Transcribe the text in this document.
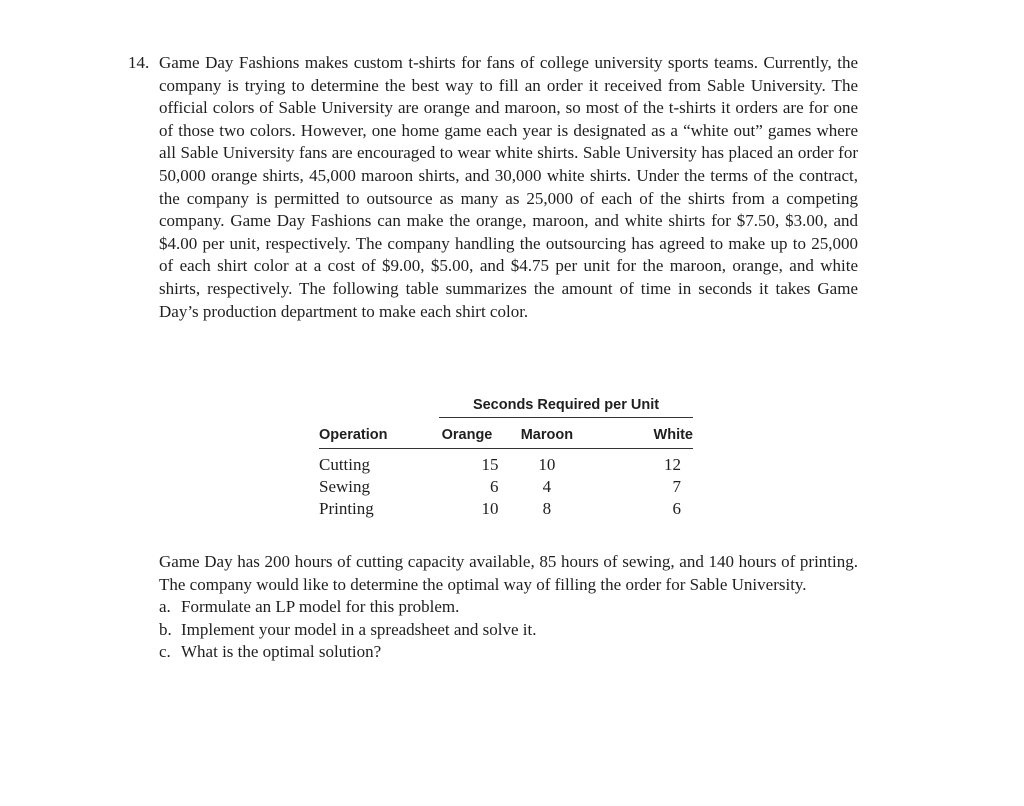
14. Game Day Fashions makes custom t-shirts for fans of college university sports teams. Currently, the company is trying to determine the best way to fill an order it received from Sable University. The official colors of Sable University are orange and maroon, so most of the t-shirts it orders are for one of those two colors. However, one home game each year is designated as a “white out” games where all Sable University fans are encouraged to wear white shirts. Sable University has placed an order for 50,000 orange shirts, 45,000 maroon shirts, and 30,000 white shirts. Under the terms of the contract, the company is permitted to outsource as many as 25,000 of each of the shirts from a competing company. Game Day Fashions can make the orange, maroon, and white shirts for $7.50, $3.00, and $4.00 per unit, respectively. The company handling the outsourcing has agreed to make up to 25,000 of each shirt color at a cost of $9.00, $5.00, and $4.75 per unit for the maroon, orange, and white shirts, respectively. The following table summarizes the amount of time in seconds it takes Game Day’s production department to make each shirt color.
Seconds Required per Unit
Operation	Orange	Maroon	White
Cutting	15	10	12
Sewing	6	4	7
Printing	10	8	6
Game Day has 200 hours of cutting capacity available, 85 hours of sewing, and 140 hours of printing. The company would like to determine the optimal way of filling the order for Sable University.
a. Formulate an LP model for this problem.
b. Implement your model in a spreadsheet and solve it.
c. What is the optimal solution?
